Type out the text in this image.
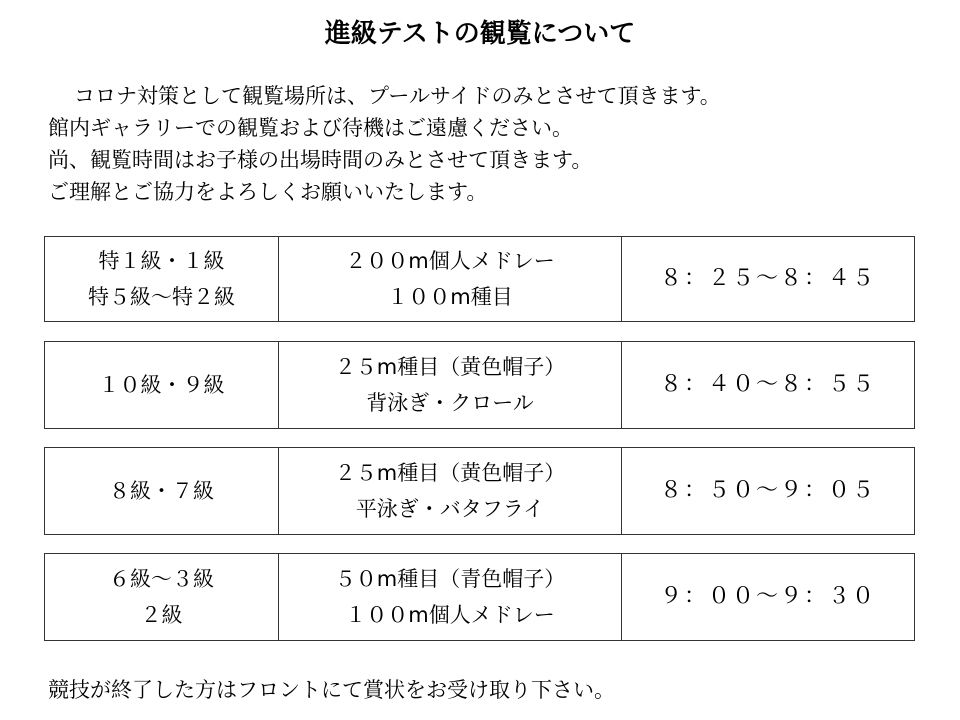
進級テストの観覧について
コロナ対策として観覧場所は、プールサイドのみとさせて頂きます。
館内ギャラリーでの観覧および待機はご遠慮ください。
尚、観覧時間はお子様の出場時間のみとさせて頂きます。
ご理解とご協力をよろしくお願いいたします。
特１級・１級
特５級～特２級
２００m個人メドレー
１００m種目
８：２５～８：４５
１０級・９級
２５m種目（黄色帽子）
背泳ぎ・クロール
８：４０～８：５５
８級・７級
２５m種目（黄色帽子）
平泳ぎ・バタフライ
８：５０～９：０５
６級～３級
２級
５０m種目（青色帽子）
１００m個人メドレー
９：００～９：３０
競技が終了した方はフロントにて賞状をお受け取り下さい。
